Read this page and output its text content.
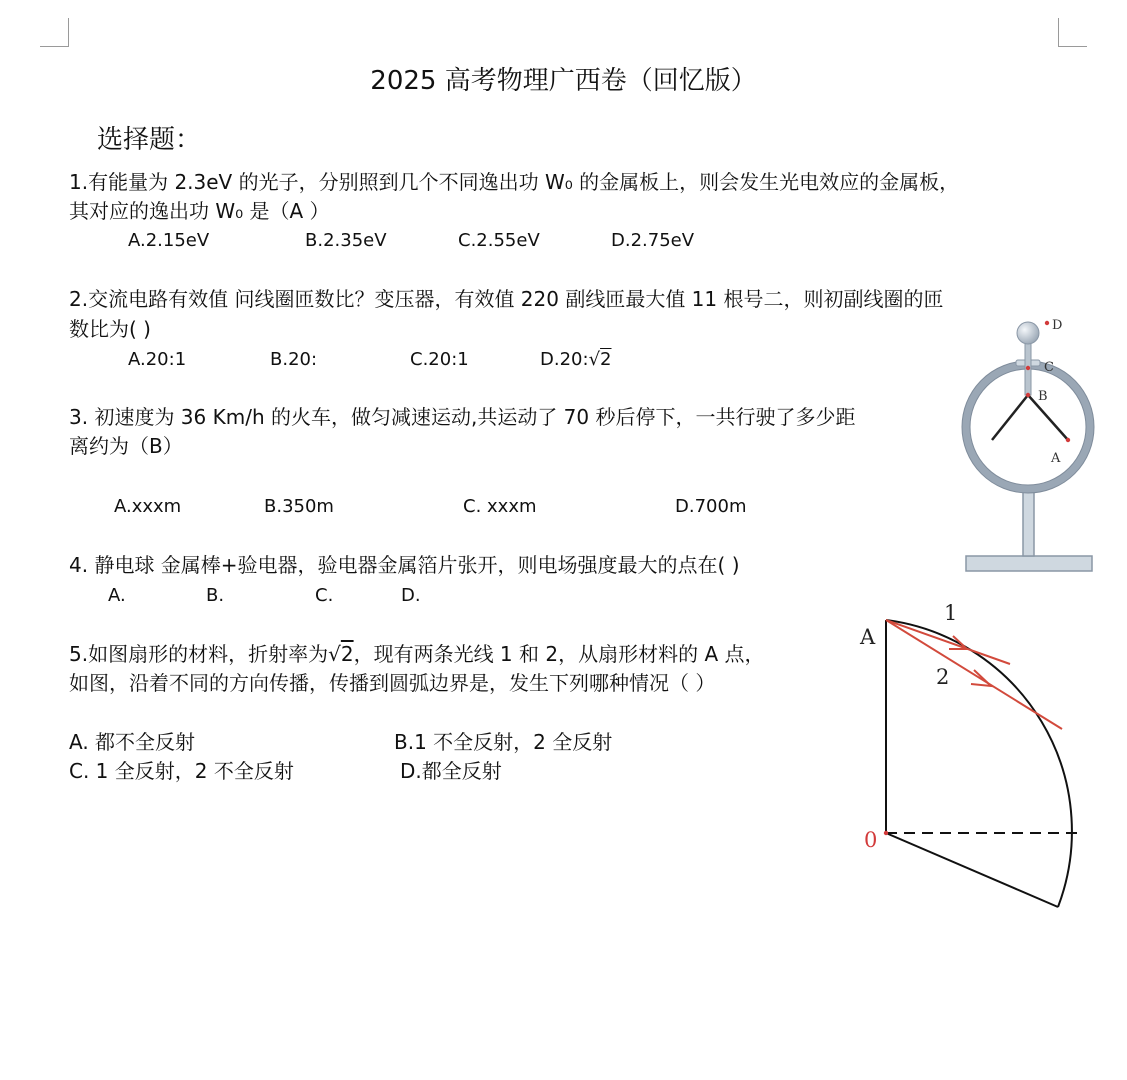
2025 高考物理广西卷（回忆版）
选择题：
1.有能量为 2.3eV 的光子，分别照到几个不同逸出功 W₀ 的金属板上，则会发生光电效应的金属板，
其对应的逸出功 W₀ 是（A ）
A.2.15eV	B.2.35eV	C.2.55eV	D.2.75eV
2.交流电路有效值 问线圈匝数比？变压器，有效值 220 副线匝最大值 11 根号二，则初副线圈的匝
数比为( )
A.20:1	B.20:	C.20:1	D.20:√2
3. 初速度为 36 Km/h 的火车，做匀减速运动,共运动了 70 秒后停下，一共行驶了多少距
离约为（B）
A.xxxm	B.350m	C. xxxm	D.700m
4. 静电球 金属棒+验电器，验电器金属箔片张开，则电场强度最大的点在( )
A.	B.	C.	D.
5.如图扇形的材料，折射率为√2，现有两条光线 1 和 2，从扇形材料的 A 点，
如图，沿着不同的方向传播，传播到圆弧边界是，发生下列哪种情况（ ）
A. 都不全反射	B.1 不全反射，2 全反射
C. 1 全反射，2 不全反射	D.都全反射
D
C
B
A
A
0
1
2
